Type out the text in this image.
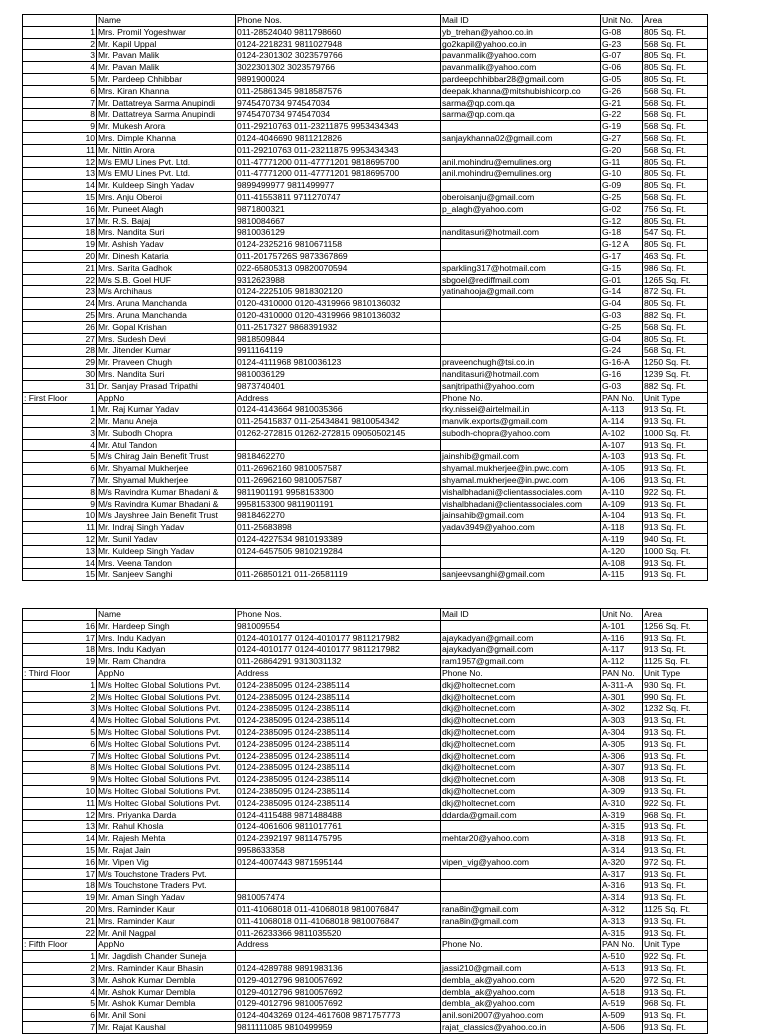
	Name	Phone Nos.	Mail ID	Unit No.	Area
1	Mrs. Promil Yogeshwar	011-28524040 9811798660	yb_trehan@yahoo.co.in	G-08	805 Sq. Ft.
2	Mr. Kapil Uppal	0124-2218231 9811027948	go2kapil@yahoo.co.in	G-23	568 Sq. Ft.
3	Mr. Pavan Malik	0124-2301302 3023579766	pavanmalik@yahoo.com	G-07	805 Sq. Ft.
4	Mr. Pavan Malik	3022301302 3023579766	pavanmalik@yahoo.com	G-06	805 Sq. Ft.
5	Mr. Pardeep Chhibbar	9891900024	pardeepchhibbar28@gmail.com	G-05	805 Sq. Ft.
6	Mrs. Kiran Khanna	011-25861345 9818587576	deepak.khanna@mitshubishicorp.co	G-26	568 Sq. Ft.
7	Mr. Dattatreya Sarma Anupindi	9745470734 974547034	sarma@qp.com.qa	G-21	568 Sq. Ft.
8	Mr. Dattatreya Sarma Anupindi	9745470734 974547034	sarma@qp.com.qa	G-22	568 Sq. Ft.
9	Mr. Mukesh Arora	011-29210763 011-23211875 9953434343		G-19	568 Sq. Ft.
10	Mrs. Dimple Khanna	0124-4046690 9811212826	sanjaykhanna02@gmail.com	G-27	568 Sq. Ft.
11	Mr. Nittin Arora	011-29210763 011-23211875 9953434343		G-20	568 Sq. Ft.
12	M/s EMU Lines Pvt. Ltd.	011-47771200 011-47771201 9818695700	anil.mohindru@emulines.org	G-11	805 Sq. Ft.
13	M/s EMU Lines Pvt. Ltd.	011-47771200 011-47771201 9818695700	anil.mohindru@emulines.org	G-10	805 Sq. Ft.
14	Mr. Kuldeep Singh Yadav	9899499977 9811499977		G-09	805 Sq. Ft.
15	Mrs. Anju Oberoi	011-41553811 9711270747	oberoisanju@gmail.com	G-25	568 Sq. Ft.
16	Mr. Puneet Alagh	9871800321	p_alagh@yahoo.com	G-02	756 Sq. Ft.
17	Mr. R.S. Bajaj	9810084667		G-12	805 Sq. Ft.
18	Mrs. Nandita Suri	9810036129	nanditasuri@hotmail.com	G-18	547 Sq. Ft.
19	Mr. Ashish Yadav	0124-2325216 9810671158		G-12 A	805 Sq. Ft.
20	Mr. Dinesh Kataria	011-20175726S 9873367869		G-17	463 Sq. Ft.
21	Mrs. Sarita Gadhok	022-65805313 09820070594	sparkling317@hotmail.com	G-15	986 Sq. Ft.
22	M/s S.B. Goel HUF	9312623988	sbgoel@rediffmail.com	G-01	1265 Sq. Ft.
23	M/s Archihaus	0124-2225105 9818302120	yatinahooja@gmail.com	G-14	872 Sq. Ft.
24	Mrs. Aruna Manchanda	0120-4310000 0120-4319966 9810136032		G-04	805 Sq. Ft.
25	Mrs. Aruna Manchanda	0120-4310000 0120-4319966 9810136032		G-03	882 Sq. Ft.
26	Mr. Gopal Krishan	011-2517327 9868391932		G-25	568 Sq. Ft.
27	Mrs. Sudesh Devi	9818509844		G-04	805 Sq. Ft.
28	Mr. Jitender Kumar	9911164119		G-24	568 Sq. Ft.
29	Mr. Praveen Chugh	0124-4111968 9810036123	praveenchugh@tsi.co.in	G-16-A	1250 Sq. Ft.
30	Mrs. Nandita Suri	9810036129	nanditasuri@hotmail.com	G-16	1239 Sq. Ft.
31	Dr. Sanjay Prasad Tripathi	9873740401	sanjtripathi@yahoo.com	G-03	882 Sq. Ft.
: First Floor	AppNo	Address	Phone No.	PAN No.	Unit Type
1	Mr. Raj Kumar Yadav	0124-4143664 9810035366	rky.nissei@airtelmail.in	A-113	913 Sq. Ft.
2	Mr. Manu Aneja	011-25415837 011-25434841 9810054342	manvik.exports@gmail.com	A-114	913 Sq. Ft.
3	Mr. Subodh Chopra	01262-272815 01262-272815 09050502145	subodh-chopra@yahoo.com	A-102	1000 Sq. Ft.
4	Mr. Atul Tandon			A-107	913 Sq. Ft.
5	M/s Chirag Jain Benefit Trust	9818462270	jainshib@gmail.com	A-103	913 Sq. Ft.
6	Mr. Shyamal Mukherjee	011-26962160 9810057587	shyamal.mukherjee@in.pwc.com	A-105	913 Sq. Ft.
7	Mr. Shyamal Mukherjee	011-26962160 9810057587	shyamal.mukherjee@in.pwc.com	A-106	913 Sq. Ft.
8	M/s Ravindra Kumar Bhadani &	9811901191 9958153300	vishalbhadani@clientassociales.com	A-110	922 Sq. Ft.
9	M/s Ravindra Kumar Bhadani &	9958153300 9811901191	vishalbhadani@clientassociales.com	A-109	913 Sq. Ft.
10	M/s Jayshree Jain Benefit Trust	9818462270	jainsahib@gmail.com	A-104	913 Sq. Ft.
11	Mr. Indraj Singh Yadav	011-25683898	yadav3949@yahoo.com	A-118	913 Sq. Ft.
12	Mr. Sunil Yadav	0124-4227534 9810193389		A-119	940 Sq. Ft.
13	Mr. Kuldeep Singh Yadav	0124-6457505 9810219284		A-120	1000 Sq. Ft.
14	Mrs. Veena Tandon			A-108	913 Sq. Ft.
15	Mr. Sanjeev Sanghi	011-26850121 011-26581119	sanjeevsanghi@gmail.com	A-115	913 Sq. Ft.
	Name	Phone Nos.	Mail ID	Unit No.	Area
16	Mr. Hardeep Singh	981009554		A-101	1256 Sq. Ft.
17	Mrs. Indu Kadyan	0124-4010177 0124-4010177 9811217982	ajaykadyan@gmail.com	A-116	913 Sq. Ft.
18	Mrs. Indu Kadyan	0124-4010177 0124-4010177 9811217982	ajaykadyan@gmail.com	A-117	913 Sq. Ft.
19	Mr. Ram Chandra	011-26864291 9313031132	ram1957@gmail.com	A-112	1125 Sq. Ft.
: Third Floor	AppNo	Address	Phone No.	PAN No.	Unit Type
1	M/s Holtec Global Solutions Pvt.	0124-2385095 0124-2385114	dkj@holtecnet.com	A-311-A	930 Sq. Ft.
2	M/s Holtec Global Solutions Pvt.	0124-2385095 0124-2385114	dkj@holtecnet.com	A-301	990 Sq. Ft.
3	M/s Holtec Global Solutions Pvt.	0124-2385095 0124-2385114	dkj@holtecnet.com	A-302	1232 Sq. Ft.
4	M/s Holtec Global Solutions Pvt.	0124-2385095 0124-2385114	dkj@holtecnet.com	A-303	913 Sq. Ft.
5	M/s Holtec Global Solutions Pvt.	0124-2385095 0124-2385114	dkj@holtecnet.com	A-304	913 Sq. Ft.
6	M/s Holtec Global Solutions Pvt.	0124-2385095 0124-2385114	dkj@holtecnet.com	A-305	913 Sq. Ft.
7	M/s Holtec Global Solutions Pvt.	0124-2385095 0124-2385114	dkj@holtecnet.com	A-306	913 Sq. Ft.
8	M/s Holtec Global Solutions Pvt.	0124-2385095 0124-2385114	dkj@holtecnet.com	A-307	913 Sq. Ft.
9	M/s Holtec Global Solutions Pvt.	0124-2385095 0124-2385114	dkj@holtecnet.com	A-308	913 Sq. Ft.
10	M/s Holtec Global Solutions Pvt.	0124-2385095 0124-2385114	dkj@holtecnet.com	A-309	913 Sq. Ft.
11	M/s Holtec Global Solutions Pvt.	0124-2385095 0124-2385114	dkj@holtecnet.com	A-310	922 Sq. Ft.
12	Mrs. Priyanka Darda	0124-4115488 9871488488	ddarda@gmail.com	A-319	968 Sq. Ft.
13	Mr. Rahul Khosla	0124-4061606 9811017761		A-315	913 Sq. Ft.
14	Mr. Rajesh Mehta	0124-2392197 9811475795	mehtar20@yahoo.com	A-318	913 Sq. Ft.
15	Mr. Rajat Jain	9958633358		A-314	913 Sq. Ft.
16	Mr. Vipen Vig	0124-4007443 9871595144	vipen_vig@yahoo.com	A-320	972 Sq. Ft.
17	M/s Touchstone Traders Pvt.			A-317	913 Sq. Ft.
18	M/s Touchstone Traders Pvt.			A-316	913 Sq. Ft.
19	Mr. Aman Singh Yadav	9810057474		A-314	913 Sq. Ft.
20	Mrs. Raminder Kaur	011-41068018 011-41068018 9810076847	rana8in@gmail.com	A-312	1125 Sq. Ft.
21	Mrs. Raminder Kaur	011-41068018 011-41068018 9810076847	rana8in@gmail.com	A-313	913 Sq. Ft.
22	Mr. Anil Nagpal	011-26233366 9811035520		A-315	913 Sq. Ft.
: Fifth Floor	AppNo	Address	Phone No.	PAN No.	Unit Type
1	Mr. Jagdish Chander Suneja			A-510	922 Sq. Ft.
2	Mrs. Raminder Kaur Bhasin	0124-4289788 9891983136	jassi210@gmail.com	A-513	913 Sq. Ft.
3	Mr. Ashok Kumar Dembla	0129-4012796 9810057692	dembla_ak@yahoo.com	A-520	972 Sq. Ft.
4	Mr. Ashok Kumar Dembla	0129-4012796 9810057692	dembla_ak@yahoo.com	A-518	913 Sq. Ft.
5	Mr. Ashok Kumar Dembla	0129-4012796 9810057692	dembla_ak@yahoo.com	A-519	968 Sq. Ft.
6	Mr. Anil Soni	0124-4043269 0124-4617608 9871757773	anil.soni2007@yahoo.com	A-509	913 Sq. Ft.
7	Mr. Rajat Kaushal	9811111085 9810499959	rajat_classics@yahoo.co.in	A-506	913 Sq. Ft.
